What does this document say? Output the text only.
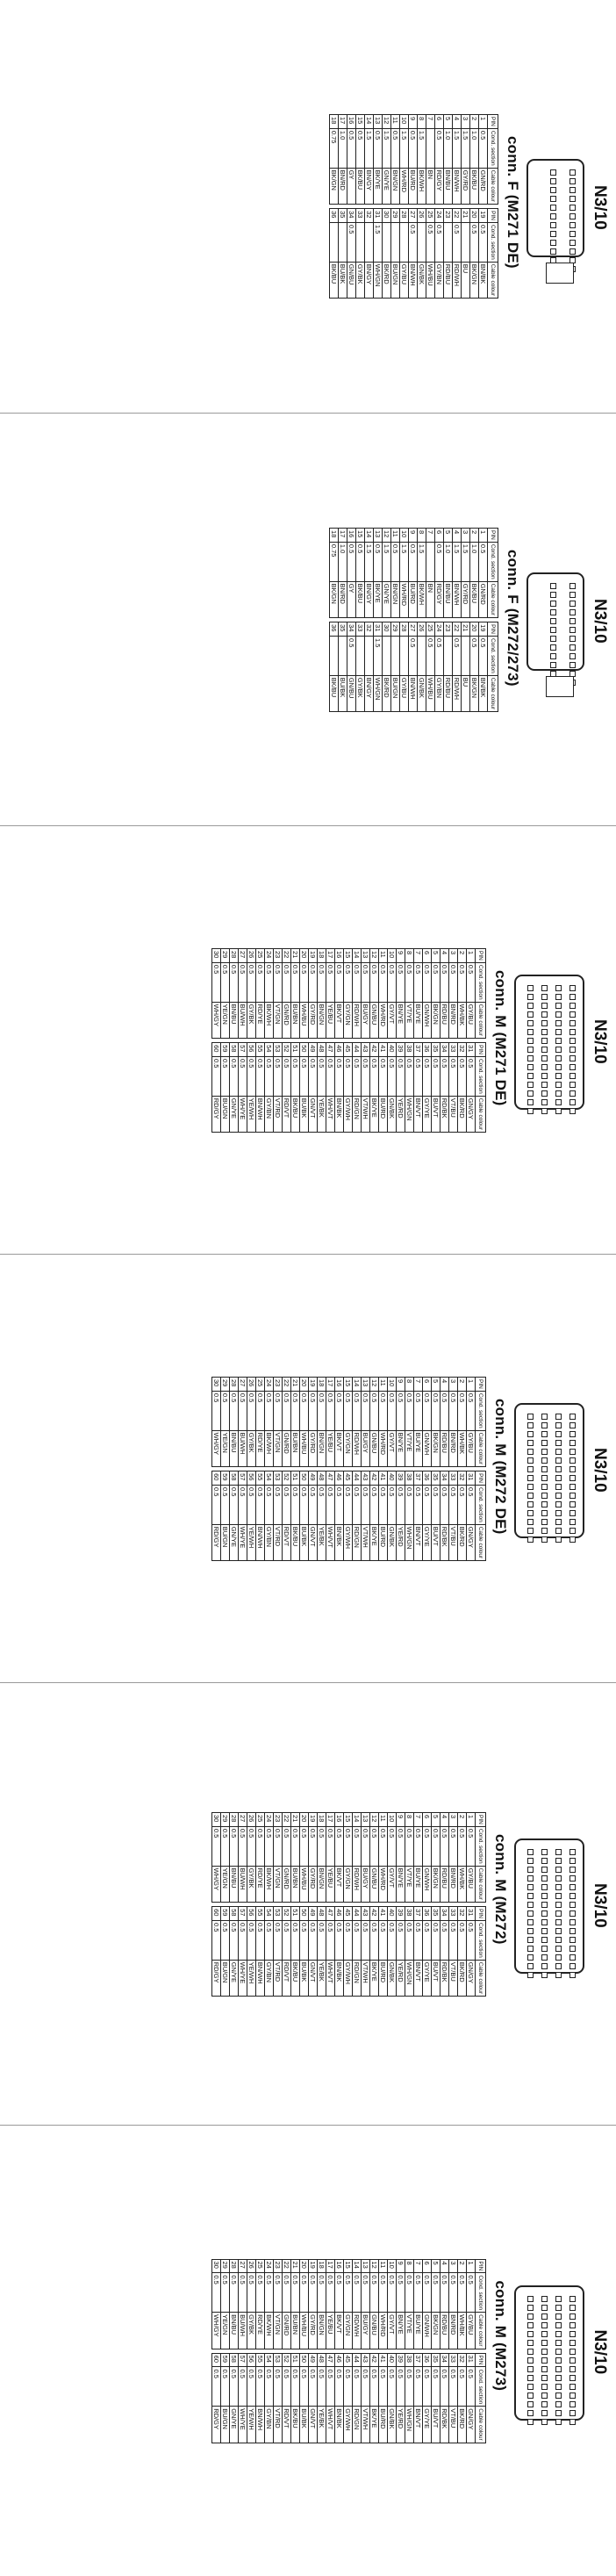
N3/10
conn. F (M271 DE)
PIN	Cond. section	Cable colour		PIN	Cond. section	Cable colour
1	0.5	GN/RD		19	0.5	BN/BK
2	1.0	BK/BU		20	0.5	BK/GN
3	1.5	GY/RD		21		BU
4	1.5	BN/WH		22	0.5	RD/WH
5	1.0	BN/BU		23		RD/BU
6	0.5	RD/GY		24	0.5	GY/BN
7		BN		25	0.5	WH/BU
8	1.5	BK/WH		26		GN/BK
9	0.5	BU/RD		27	0.5	BN/WH
10	1.5	WH/RD		28		GY/BU
11	0.5	BN/GN		29		BU/GN
12	1.5	GN/YE		30		BK/RD
13	0.5	BK/YE		31	1.5	WH/GN
14	1.5	BN/GY		32		BN/GY
15	0.5	BK/BU		33		GY/BK
16	0.5	GY		34	0.5	GN/BU
17	1.0	BN/RD		35		BU/BK
18	0.75	BK/GN		36		BK/BU
N3/10
conn. F (M272/273)
PIN	Cond. section	Cable colour		PIN	Cond. section	Cable colour
1	0.5	GN/RD		19	0.5	BN/BK
2	1.0	BK/BU		20	0.5	BK/GN
3	1.5	GY/RD		21		BU
4	1.5	BN/WH		22	0.5	RD/WH
5	1.0	BN/BU		23		RD/BU
6	0.5	RD/GY		24	0.5	GY/BN
7		BN		25	0.5	WH/BU
8	1.5	BK/WH		26		GN/BK
9	0.5	BU/RD		27	0.5	BN/WH
10	1.5	WH/RD		28		GY/BU
11	0.5	BN/GN		29		BU/GN
12	1.5	GN/YE		30		BK/RD
13	0.5	BK/YE		31	1.5	WH/GN
14	1.5	BN/GY		32		BN/GY
15	0.5	BK/BU		33		GY/BK
16	0.5	GY		34	0.5	GN/BU
17	1.0	BN/RD		35		BU/BK
18	0.75	BK/GN		36		BK/BU
N3/10
conn. M (M271 DE)
PIN	Cond. section	Cable colour		PIN	Cond. section	Cable colour
1	0.5	GY/BU		31	0.5	GN/GY
2	0.5	WH/BK		32	0.5	BK/RD
3	0.5	BN/RD		33	0.5	VT/BU
4	0.5	RD/BU		34	0.5	RD/BK
5	0.5	BK/GN		35	0.5	BU/VT
6	0.5	GN/WH		36	0.5	GY/YE
7	0.5	BU/YE		37	0.5	BN/VT
8	0.5	VT/YE		38	0.5	WH/GN
9	0.5	BN/YE		39	0.5	YE/RD
10	0.5	GY/VT		40	0.5	GN/BK
11	0.5	WH/RD		41	0.5	BU/RD
12	0.5	GN/BU		42	0.5	BK/YE
13	0.5	BU/GY		43	0.5	VT/WH
14	0.5	RD/WH		44	0.5	RD/GN
15	0.5	GY/GN		45	0.5	GY/WH
16	0.5	BK/VT		46	0.5	BN/BK
17	0.5	YE/BU		47	0.5	WH/VT
18	0.5	BN/GN		48	0.5	YE/BK
19	0.5	GY/RD		49	0.5	GN/VT
20	0.5	WH/BU		50	0.5	BU/BK
21	0.5	BU/BN		51	0.5	BK/BU
22	0.5	GN/RD		52	0.5	RD/VT
23	0.5	VT/GN		53	0.5	VT/RD
24	0.5	BK/WH		54	0.5	GY/BN
25	0.5	RD/YE		55	0.5	BN/WH
26	0.5	GY/BK		56	0.5	YE/WH
27	0.5	BU/WH		57	0.5	WH/YE
28	0.5	BN/BU		58	0.5	GN/YE
29	0.5	YE/GN		59	0.5	BU/GN
30	0.5	WH/GY		60	0.5	RD/GY
N3/10
conn. M (M272 DE)
PIN	Cond. section	Cable colour		PIN	Cond. section	Cable colour
1	0.5	GY/BU		31	0.5	GN/GY
2	0.5	WH/BK		32	0.5	BK/RD
3	0.5	BN/RD		33	0.5	VT/BU
4	0.5	RD/BU		34	0.5	RD/BK
5	0.5	BK/GN		35	0.5	BU/VT
6	0.5	GN/WH		36	0.5	GY/YE
7	0.5	BU/YE		37	0.5	BN/VT
8	0.5	VT/YE		38	0.5	WH/GN
9	0.5	BN/YE		39	0.5	YE/RD
10	0.5	GY/VT		40	0.5	GN/BK
11	0.5	WH/RD		41	0.5	BU/RD
12	0.5	GN/BU		42	0.5	BK/YE
13	0.5	BU/GY		43	0.5	VT/WH
14	0.5	RD/WH		44	0.5	RD/GN
15	0.5	GY/GN		45	0.5	GY/WH
16	0.5	BK/VT		46	0.5	BN/BK
17	0.5	YE/BU		47	0.5	WH/VT
18	0.5	BN/GN		48	0.5	YE/BK
19	0.5	GY/RD		49	0.5	GN/VT
20	0.5	WH/BU		50	0.5	BU/BK
21	0.5	BU/BN		51	0.5	BK/BU
22	0.5	GN/RD		52	0.5	RD/VT
23	0.5	VT/GN		53	0.5	VT/RD
24	0.5	BK/WH		54	0.5	GY/BN
25	0.5	RD/YE		55	0.5	BN/WH
26	0.5	GY/BK		56	0.5	YE/WH
27	0.5	BU/WH		57	0.5	WH/YE
28	0.5	BN/BU		58	0.5	GN/YE
29	0.5	YE/GN		59	0.5	BU/GN
30	0.5	WH/GY		60	0.5	RD/GY
N3/10
conn. M (M272)
PIN	Cond. section	Cable colour		PIN	Cond. section	Cable colour
1	0.5	GY/BU		31	0.5	GN/GY
2	0.5	WH/BK		32	0.5	BK/RD
3	0.5	BN/RD		33	0.5	VT/BU
4	0.5	RD/BU		34	0.5	RD/BK
5	0.5	BK/GN		35	0.5	BU/VT
6	0.5	GN/WH		36	0.5	GY/YE
7	0.5	BU/YE		37	0.5	BN/VT
8	0.5	VT/YE		38	0.5	WH/GN
9	0.5	BN/YE		39	0.5	YE/RD
10	0.5	GY/VT		40	0.5	GN/BK
11	0.5	WH/RD		41	0.5	BU/RD
12	0.5	GN/BU		42	0.5	BK/YE
13	0.5	BU/GY		43	0.5	VT/WH
14	0.5	RD/WH		44	0.5	RD/GN
15	0.5	GY/GN		45	0.5	GY/WH
16	0.5	BK/VT		46	0.5	BN/BK
17	0.5	YE/BU		47	0.5	WH/VT
18	0.5	BN/GN		48	0.5	YE/BK
19	0.5	GY/RD		49	0.5	GN/VT
20	0.5	WH/BU		50	0.5	BU/BK
21	0.5	BU/BN		51	0.5	BK/BU
22	0.5	GN/RD		52	0.5	RD/VT
23	0.5	VT/GN		53	0.5	VT/RD
24	0.5	BK/WH		54	0.5	GY/BN
25	0.5	RD/YE		55	0.5	BN/WH
26	0.5	GY/BK		56	0.5	YE/WH
27	0.5	BU/WH		57	0.5	WH/YE
28	0.5	BN/BU		58	0.5	GN/YE
29	0.5	YE/GN		59	0.5	BU/GN
30	0.5	WH/GY		60	0.5	RD/GY
N3/10
conn. M (M273)
PIN	Cond. section	Cable colour		PIN	Cond. section	Cable colour
1	0.5	GY/BU		31	0.5	GN/GY
2	0.5	WH/BK		32	0.5	BK/RD
3	0.5	BN/RD		33	0.5	VT/BU
4	0.5	RD/BU		34	0.5	RD/BK
5	0.5	BK/GN		35	0.5	BU/VT
6	0.5	GN/WH		36	0.5	GY/YE
7	0.5	BU/YE		37	0.5	BN/VT
8	0.5	VT/YE		38	0.5	WH/GN
9	0.5	BN/YE		39	0.5	YE/RD
10	0.5	GY/VT		40	0.5	GN/BK
11	0.5	WH/RD		41	0.5	BU/RD
12	0.5	GN/BU		42	0.5	BK/YE
13	0.5	BU/GY		43	0.5	VT/WH
14	0.5	RD/WH		44	0.5	RD/GN
15	0.5	GY/GN		45	0.5	GY/WH
16	0.5	BK/VT		46	0.5	BN/BK
17	0.5	YE/BU		47	0.5	WH/VT
18	0.5	BN/GN		48	0.5	YE/BK
19	0.5	GY/RD		49	0.5	GN/VT
20	0.5	WH/BU		50	0.5	BU/BK
21	0.5	BU/BN		51	0.5	BK/BU
22	0.5	GN/RD		52	0.5	RD/VT
23	0.5	VT/GN		53	0.5	VT/RD
24	0.5	BK/WH		54	0.5	GY/BN
25	0.5	RD/YE		55	0.5	BN/WH
26	0.5	GY/BK		56	0.5	YE/WH
27	0.5	BU/WH		57	0.5	WH/YE
28	0.5	BN/BU		58	0.5	GN/YE
29	0.5	YE/GN		59	0.5	BU/GN
30	0.5	WH/GY		60	0.5	RD/GY
